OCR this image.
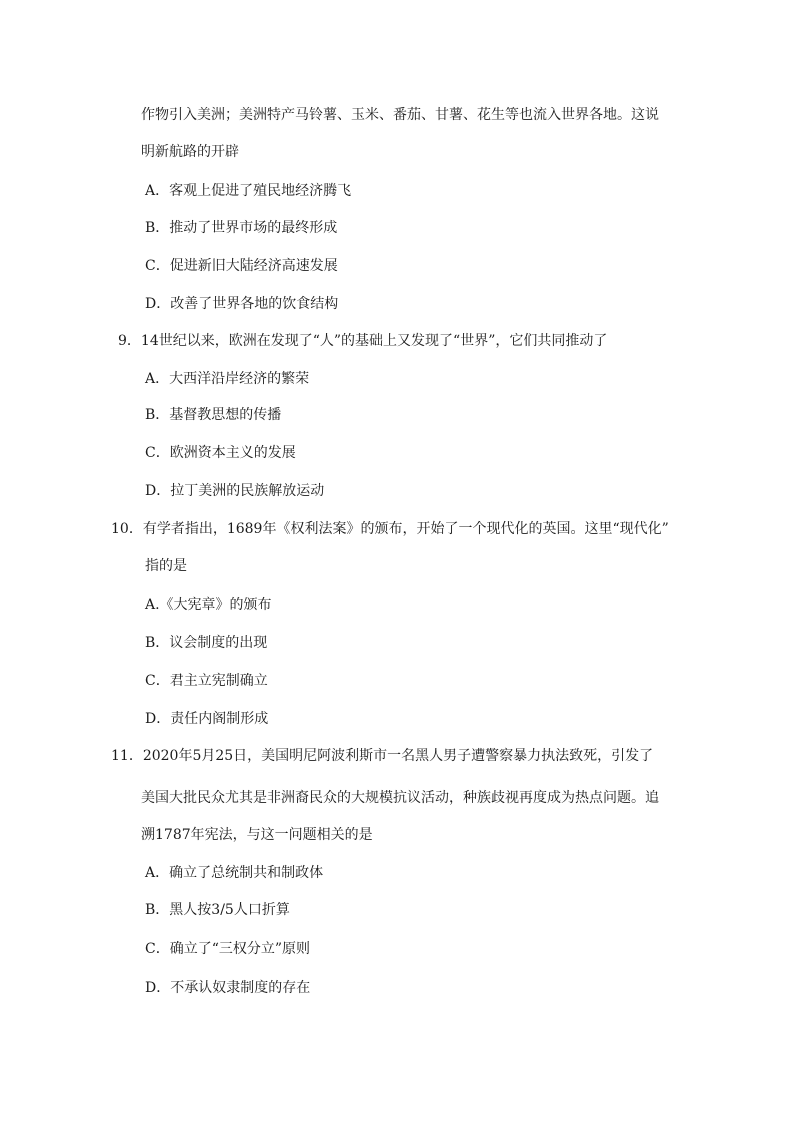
作物引入美洲；美洲特产马铃薯、玉米、番茄、甘薯、花生等也流入世界各地。这说
明新航路的开辟
A．客观上促进了殖民地经济腾飞
B．推动了世界市场的最终形成
C．促进新旧大陆经济高速发展
D．改善了世界各地的饮食结构
9．14世纪以来，欧洲在发现了“人”的基础上又发现了“世界”，它们共同推动了
A．大西洋沿岸经济的繁荣
B．基督教思想的传播
C．欧洲资本主义的发展
D．拉丁美洲的民族解放运动
10．有学者指出，1689年《权利法案》的颁布，开始了一个现代化的英国。这里“现代化”
指的是
A.《大宪章》的颁布
B．议会制度的出现
C．君主立宪制确立
D．责任内阁制形成
11．2020年5月25日，美国明尼阿波利斯市一名黑人男子遭警察暴力执法致死，引发了
美国大批民众尤其是非洲裔民众的大规模抗议活动，种族歧视再度成为热点问题。追
溯1787年宪法，与这一问题相关的是
A．确立了总统制共和制政体
B．黑人按3/5人口折算
C．确立了“三权分立”原则
D．不承认奴隶制度的存在
